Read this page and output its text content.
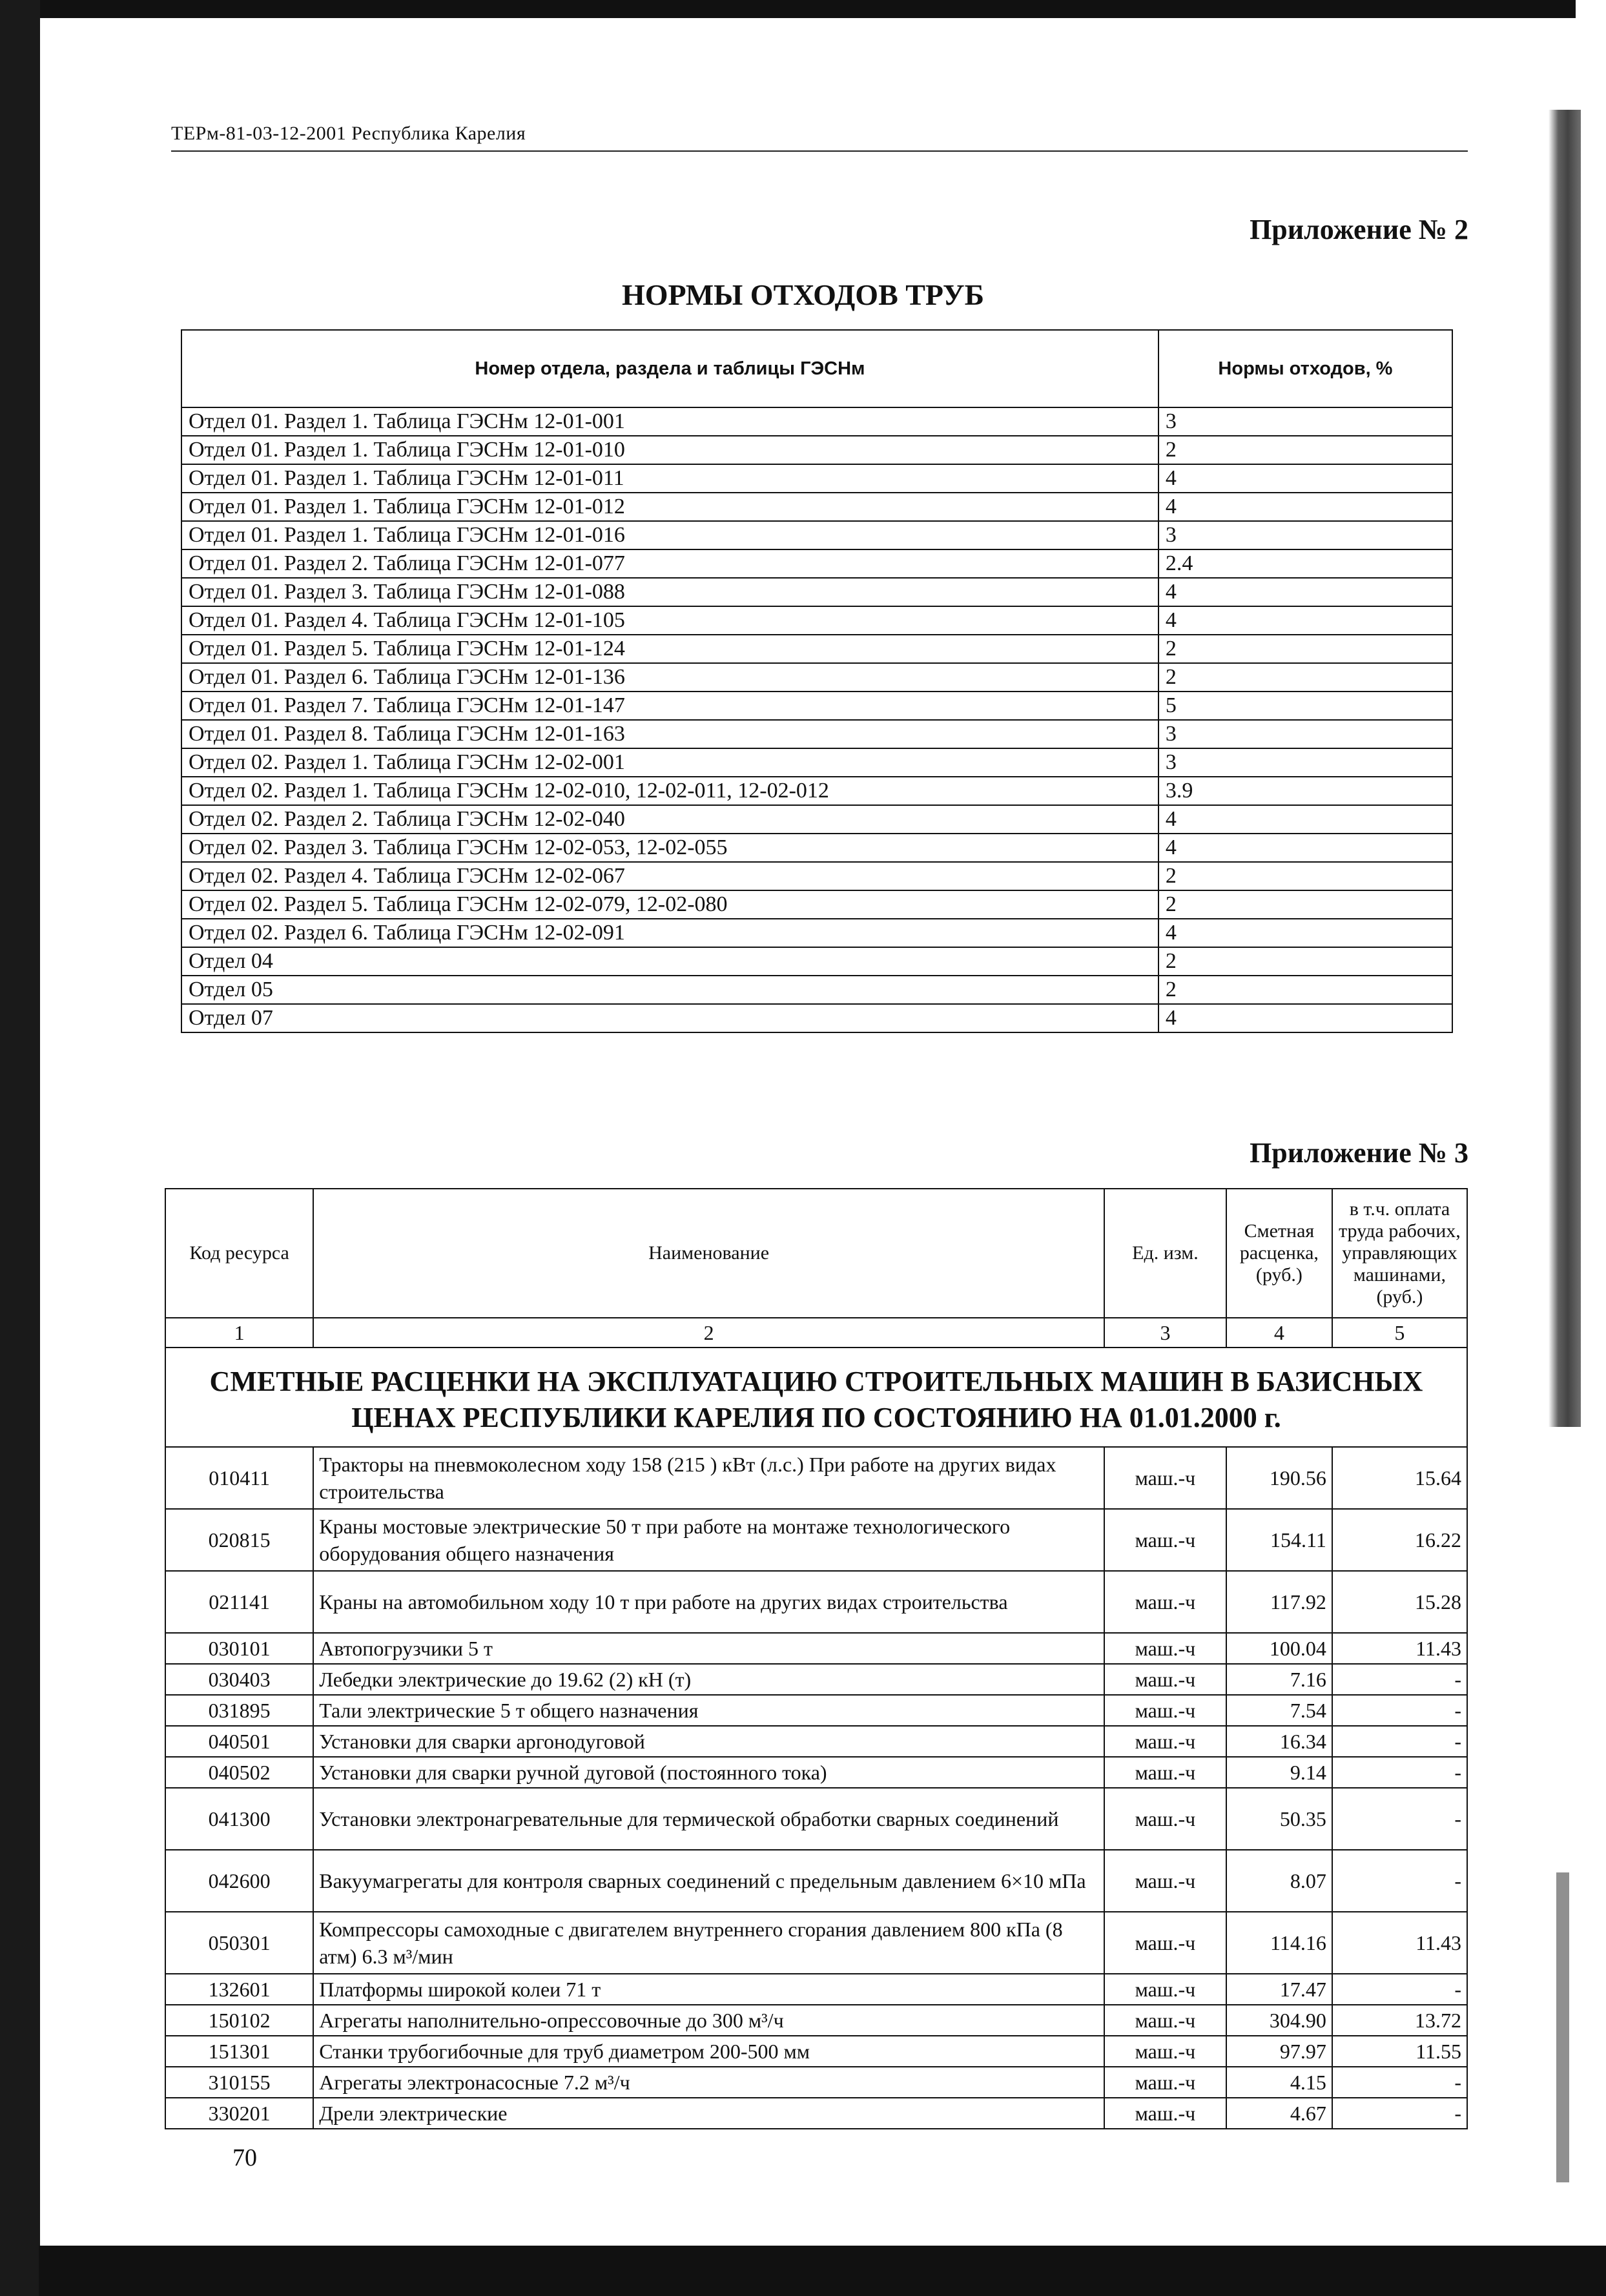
ТЕРм-81-03-12-2001 Республика Карелия
Приложение № 2
НОРМЫ ОТХОДОВ ТРУБ
Номер отдела, раздела и таблицы ГЭСНм	Нормы отходов, %
Отдел 01. Раздел 1. Таблица ГЭСНм 12-01-001	3
Отдел 01. Раздел 1. Таблица ГЭСНм 12-01-010	2
Отдел 01. Раздел 1. Таблица ГЭСНм 12-01-011	4
Отдел 01. Раздел 1. Таблица ГЭСНм 12-01-012	4
Отдел 01. Раздел 1. Таблица ГЭСНм 12-01-016	3
Отдел 01. Раздел 2. Таблица ГЭСНм 12-01-077	2.4
Отдел 01. Раздел 3. Таблица ГЭСНм 12-01-088	4
Отдел 01. Раздел 4. Таблица ГЭСНм 12-01-105	4
Отдел 01. Раздел 5. Таблица ГЭСНм 12-01-124	2
Отдел 01. Раздел 6. Таблица ГЭСНм 12-01-136	2
Отдел 01. Раздел 7. Таблица ГЭСНм 12-01-147	5
Отдел 01. Раздел 8. Таблица ГЭСНм 12-01-163	3
Отдел 02. Раздел 1. Таблица ГЭСНм 12-02-001	3
Отдел 02. Раздел 1. Таблица ГЭСНм 12-02-010, 12-02-011, 12-02-012	3.9
Отдел 02. Раздел 2. Таблица ГЭСНм 12-02-040	4
Отдел 02. Раздел 3. Таблица ГЭСНм 12-02-053, 12-02-055	4
Отдел 02. Раздел 4. Таблица ГЭСНм 12-02-067	2
Отдел 02. Раздел 5. Таблица ГЭСНм 12-02-079, 12-02-080	2
Отдел 02. Раздел 6. Таблица ГЭСНм 12-02-091	4
Отдел 04	2
Отдел 05	2
Отдел 07	4
Приложение № 3
Код ресурса	Наименование	Ед. изм.	Сметная расценка, (руб.)	в т.ч. оплата труда рабочих, управляющих машинами, (руб.)
1	2	3	4	5
СМЕТНЫЕ РАСЦЕНКИ НА ЭКСПЛУАТАЦИЮ СТРОИТЕЛЬНЫХ МАШИН В БАЗИСНЫХ ЦЕНАХ РЕСПУБЛИКИ КАРЕЛИЯ ПО СОСТОЯНИЮ НА 01.01.2000 г.				
010411	Тракторы на пневмоколесном ходу 158 (215 ) кВт (л.с.) При работе на других видах строительства	маш.-ч	190.56	15.64
020815	Краны мостовые электрические 50 т при работе на монтаже технологического оборудования общего назначения	маш.-ч	154.11	16.22
021141	Краны на автомобильном ходу 10 т при работе на других видах строительства	маш.-ч	117.92	15.28
030101	Автопогрузчики 5 т	маш.-ч	100.04	11.43
030403	Лебедки электрические до 19.62 (2) кН (т)	маш.-ч	7.16	-
031895	Тали электрические 5 т общего назначения	маш.-ч	7.54	-
040501	Установки для сварки аргонодуговой	маш.-ч	16.34	-
040502	Установки для сварки ручной дуговой (постоянного тока)	маш.-ч	9.14	-
041300	Установки электронагревательные для термической обработки сварных соединений	маш.-ч	50.35	-
042600	Вакуумагрегаты для контроля сварных соединений с предельным давлением 6×10 мПа	маш.-ч	8.07	-
050301	Компрессоры самоходные с двигателем внутреннего сгорания давлением 800 кПа (8 атм) 6.3 м³/мин	маш.-ч	114.16	11.43
132601	Платформы широкой колеи 71 т	маш.-ч	17.47	-
150102	Агрегаты наполнительно-опрессовочные до 300 м³/ч	маш.-ч	304.90	13.72
151301	Станки трубогибочные для труб диаметром 200-500 мм	маш.-ч	97.97	11.55
310155	Агрегаты электронасосные 7.2 м³/ч	маш.-ч	4.15	-
330201	Дрели электрические	маш.-ч	4.67	-
70
